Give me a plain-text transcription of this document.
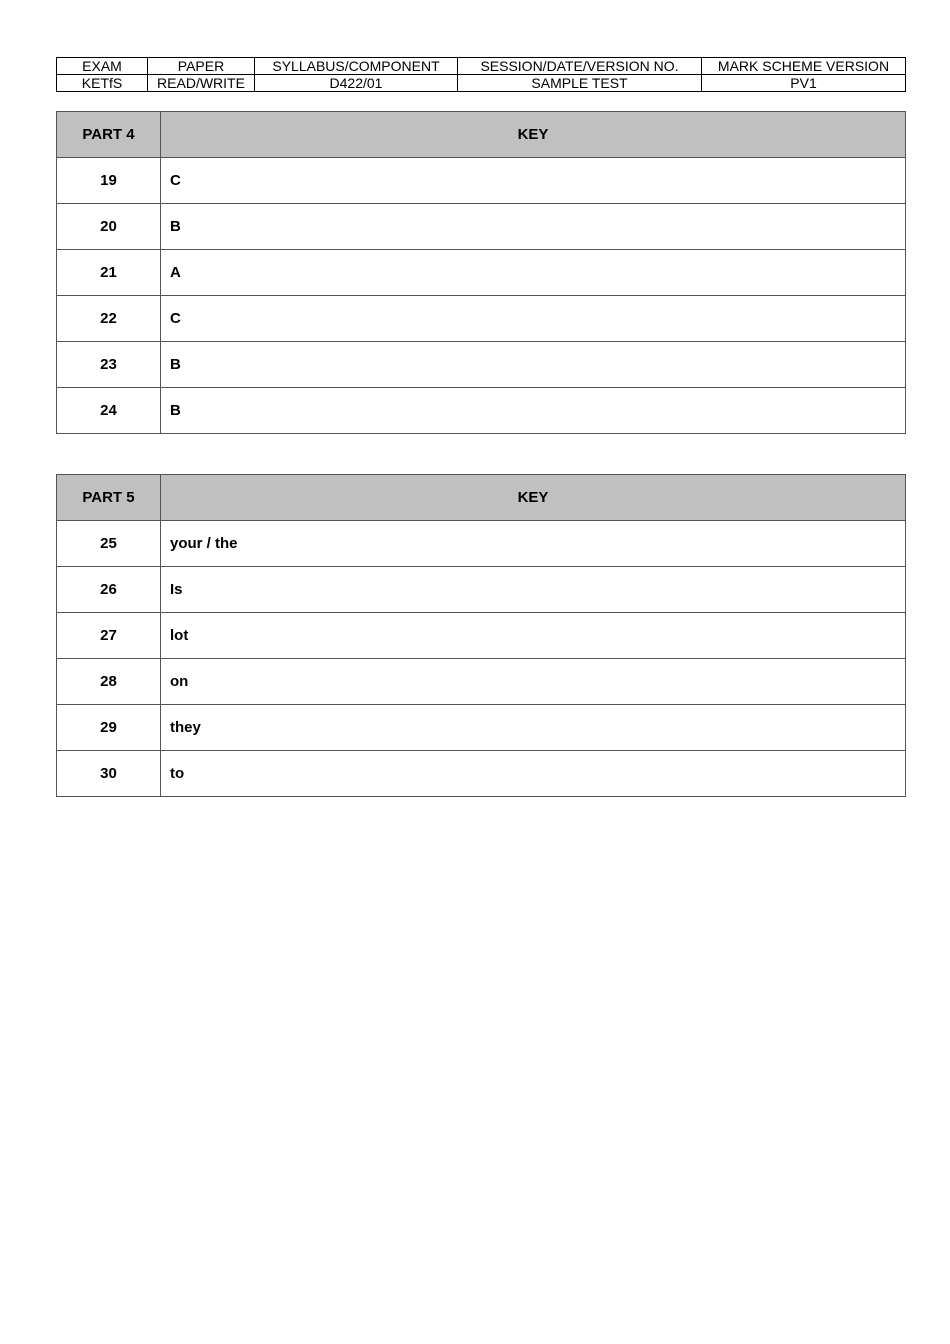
EXAM	PAPER	SYLLABUS/COMPONENT	SESSION/DATE/VERSION NO.	MARK SCHEME VERSION
KETfS	READ/WRITE	D422/01	SAMPLE TEST	PV1
PART 4	KEY
19	C
20	B
21	A
22	C
23	B
24	B
PART 5	KEY
25	your / the
26	Is
27	lot
28	on
29	they
30	to
